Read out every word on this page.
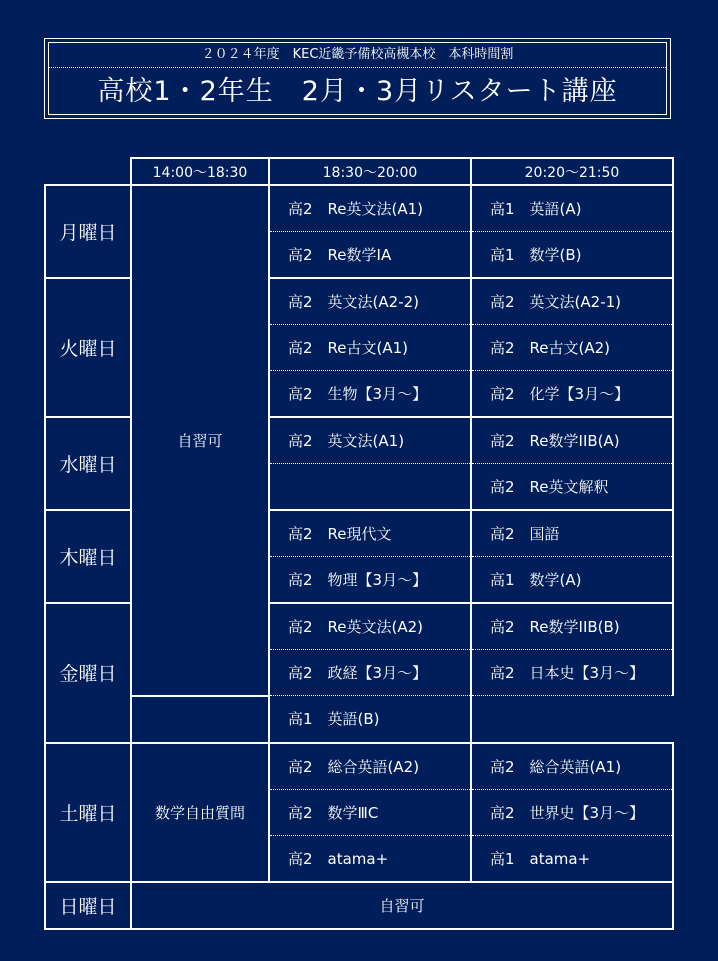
２０２４年度　KEC近畿予備校高槻本校　本科時間割
高校1・2年生　2月・3月リスタート講座
	14:00～18:30	18:30～20:00	20:20～21:50
月曜日	自習可	高2　Re英文法(A1)	高1　英語(A)
		高2　Re数学IA	高1　数学(B)
火曜日		高2　英文法(A2-2)	高2　英文法(A2-1)
		高2　Re古文(A1)	高2　Re古文(A2)
		高2　生物【3月～】	高2　化学【3月～】
水曜日		高2　英文法(A1)	高2　Re数学IIB(A)
			高2　Re英文解釈
木曜日		高2　Re現代文	高2　国語
		高2　物理【3月～】	高1　数学(A)
金曜日		高2　Re英文法(A2)	高2　Re数学IIB(B)
		高2　政経【3月～】	高2　日本史【3月～】
		高1　英語(B)	
土曜日	数学自由質問	高2　総合英語(A2)	高2　総合英語(A1)
		高2　数学ⅢC	高2　世界史【3月～】
		高2　atama+	高1　atama+
日曜日	自習可		
